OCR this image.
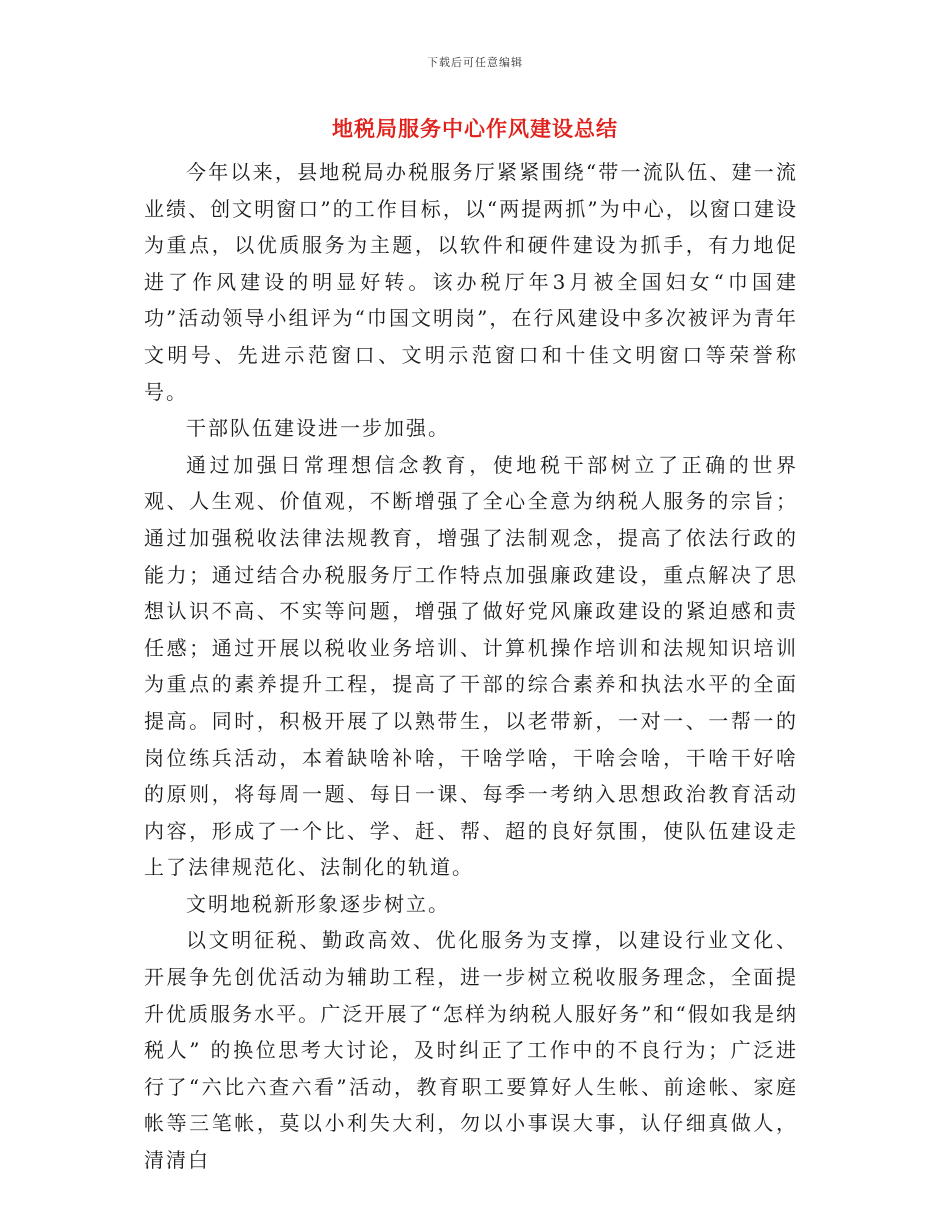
下载后可任意编辑
地税局服务中心作风建设总结

今年以来，县地税局办税服务厅紧紧围绕“带一流队伍、建一流业绩、创文明窗口”的工作目标，以“两提两抓”为中心，以窗口建设为重点，以优质服务为主题，以软件和硬件建设为抓手，有力地促进了作风建设的明显好转。该办税厅年3月被全国妇女“巾国建功”活动领导小组评为“巾国文明岗”，在行风建设中多次被评为青年文明号、先进示范窗口、文明示范窗口和十佳文明窗口等荣誉称号。

干部队伍建设进一步加强。

通过加强日常理想信念教育，使地税干部树立了正确的世界观、人生观、价值观，不断增强了全心全意为纳税人服务的宗旨；通过加强税收法律法规教育，增强了法制观念，提高了依法行政的能力；通过结合办税服务厅工作特点加强廉政建设，重点解决了思想认识不高、不实等问题，增强了做好党风廉政建设的紧迫感和责任感；通过开展以税收业务培训、计算机操作培训和法规知识培训为重点的素养提升工程，提高了干部的综合素养和执法水平的全面提高。同时，积极开展了以熟带生，以老带新，一对一、一帮一的岗位练兵活动，本着缺啥补啥，干啥学啥，干啥会啥，干啥干好啥的原则，将每周一题、每日一课、每季一考纳入思想政治教育活动内容，形成了一个比、学、赶、帮、超的良好氛围，使队伍建设走上了法律规范化、法制化的轨道。

文明地税新形象逐步树立。

以文明征税、勤政高效、优化服务为支撑，以建设行业文化、开展争先创优活动为辅助工程，进一步树立税收服务理念，全面提升优质服务水平。广泛开展了“怎样为纳税人服好务”和“假如我是纳税人” 的换位思考大讨论，及时纠正了工作中的不良行为；广泛进行了“六比六查六看”活动，教育职工要算好人生帐、前途帐、家庭帐等三笔帐，莫以小利失大利，勿以小事误大事，认仔细真做人，清清白
